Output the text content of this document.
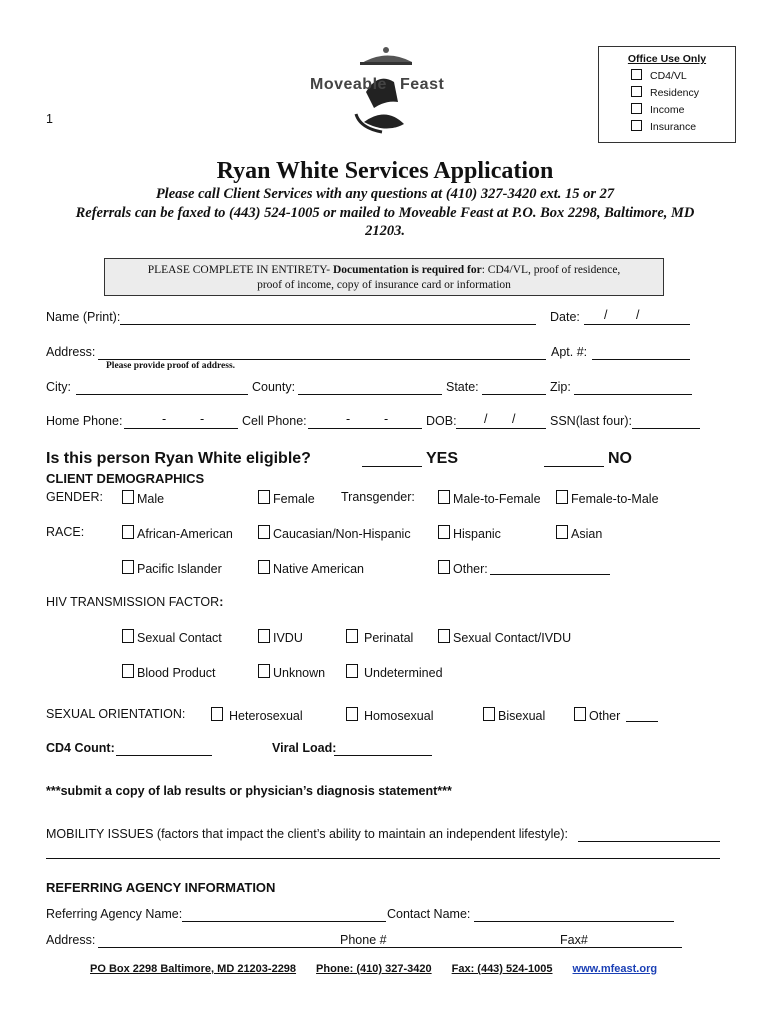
1
Moveable Feast
Office Use Only
CD4/VL
Residency
Income
Insurance
Ryan White Services Application
Please call Client Services with any questions at (410) 327-3420 ext. 15 or 27
Referrals can be faxed to (443) 524-1005 or mailed to Moveable Feast at P.O. Box 2298, Baltimore, MD
21203.
PLEASE COMPLETE IN ENTIRETY- Documentation is required for: CD4/VL, proof of residence,
proof of income, copy of insurance card or information
Name (Print):	Date: / /
Address:	Apt. #:
Please provide proof of address.
City:	County:	State:	Zip:
Home Phone:	-	-	Cell Phone:	-	-	DOB: / /	SSN(last four):
Is this person Ryan White eligible?	YES	NO
CLIENT DEMOGRAPHICS
GENDER:	Male	Female Transgender:	Male-to-Female	Female-to-Male
RACE:	African-American	Caucasian/Non-Hispanic	Hispanic	Asian
Pacific Islander	Native American	Other:
HIV TRANSMISSION FACTOR:
Sexual Contact	IVDU	Perinatal	Sexual Contact/IVDU
Blood Product	Unknown	Undetermined
SEXUAL ORIENTATION:	Heterosexual	Homosexual	Bisexual	Other
CD4 Count:	Viral Load:
***submit a copy of lab results or physician’s diagnosis statement***
MOBILITY ISSUES (factors that impact the client’s ability to maintain an independent lifestyle):
REFERRING AGENCY INFORMATION
Referring Agency Name:	Contact Name:
Address:	Phone #	Fax#
PO Box 2298 Baltimore, MD 21203-2298 Phone: (410) 327-3420 Fax: (443) 524-1005 www.mfeast.org
